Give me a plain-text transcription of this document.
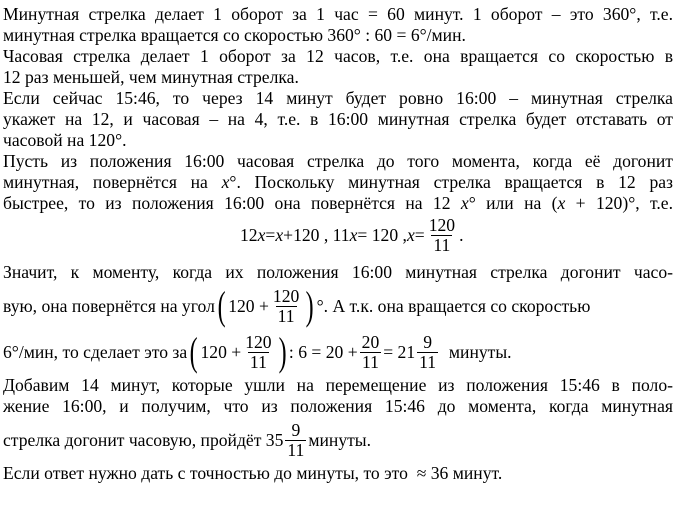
Минутная стрелка делает 1 оборот за 1 час = 60 минут. 1 оборот – это 360°, т.е.
минутная стрелка вращается со скоростью 360° : 60 = 6°/мин.

Часовая стрелка делает 1 оборот за 12 часов, т.е. она вращается со скоростью в
12 раз меньшей, чем минутная стрелка.

Если сейчас 15:46, то через 14 минут будет ровно 16:00 – минутная стрелка
укажет на 12, и часовая – на 4, т.е. в 16:00 минутная стрелка будет отставать от
часовой на 120°.

Пусть из положения 16:00 часовая стрелка до того момента, когда её догонит
минутная, повернётся на x°. Поскольку минутная стрелка вращается в 12 раз
быстрее, то из положения 16:00 она повернётся на 12 x° или на (x + 120)°, т.е.

12 x = x +120 , 11 x = 120 , $x = \frac{120}{11}$ .

Значит, к моменту, когда их положения 16:00 минутная стрелка догонит часо-
вую, она повернётся на угол ( $120 + \frac{120}{11}$ ) °. А т.к. она вращается со скоростью
6°/мин, то сделает это за ( $120 + \frac{120}{11}$ ) : $6 = 20 + \frac{20}{11} = 21 \frac{9}{11}$ минуты.

Добавим 14 минут, которые ушли на перемещение из положения 15:46 в поло-
жение 16:00, и получим, что из положения 15:46 до момента, когда минутная
стрелка догонит часовую, пройдёт $35 \frac{9}{11}$ минуты.

Если ответ нужно дать с точностью до минуты, то это  ≈ 36 минут.
